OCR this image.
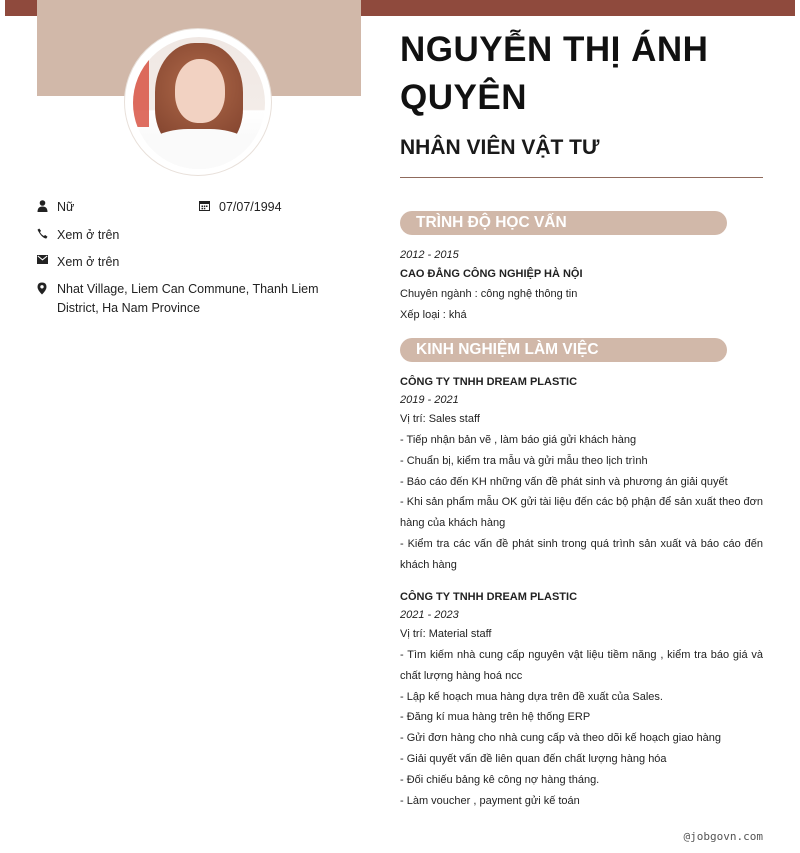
Nữ	07/07/1994
Xem ở trên
Xem ở trên
Nhat Village, Liem Can Commune, Thanh Liem District, Ha Nam Province
NGUYỄN THỊ ÁNH QUYÊN
NHÂN VIÊN VẬT TƯ
TRÌNH ĐỘ HỌC VẤN
2012 - 2015
CAO ĐẲNG CÔNG NGHIỆP HÀ NỘI
Chuyên ngành : công nghệ thông tin
Xếp loại : khá
KINH NGHIỆM LÀM VIỆC
CÔNG TY TNHH DREAM PLASTIC
2019 - 2021
Vị trí: Sales staff
- Tiếp nhận bản vẽ , làm báo giá gửi khách hàng
- Chuẩn bị, kiểm tra mẫu và gửi mẫu theo lịch trình
- Báo cáo đến KH những vấn đề phát sinh và phương án giải quyết
- Khi sản phẩm mẫu OK gửi tài liệu đến các bộ phận để sản xuất theo đơn hàng của khách hàng
- Kiểm tra các vấn đề phát sinh trong quá trình sản xuất và báo cáo đến khách hàng
CÔNG TY TNHH DREAM PLASTIC
2021 - 2023
Vị trí: Material staff
- Tìm kiếm nhà cung cấp nguyên vật liệu tiềm năng , kiểm tra báo giá và chất lượng hàng hoá ncc
- Lập kế hoạch mua hàng dựa trên đề xuất của Sales.
- Đăng kí mua hàng trên hệ thống ERP
- Gửi đơn hàng cho nhà cung cấp và theo dõi kế hoạch giao hàng
- Giải quyết vấn đề liên quan đến chất lượng hàng hóa
- Đối chiếu bảng kê công nợ hàng tháng.
- Làm voucher , payment gửi kế toán
@jobgovn.com
